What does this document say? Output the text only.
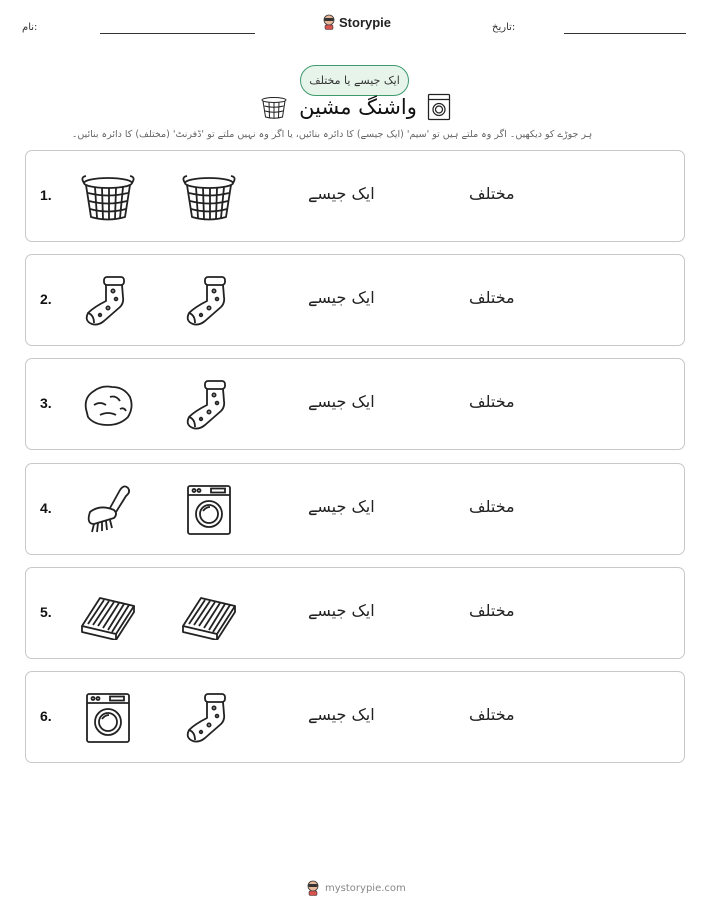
نام:	Storypie	تاریخ:
ایک جیسے یا مختلف
واشنگ مشین
ہر جوڑے کو دیکھیں۔ اگر وہ ملتے ہیں تو 'سیم' (ایک جیسے) کا دائرہ بنائیں، یا اگر وہ نہیں ملتے تو 'ڈفرنٹ' (مختلف) کا دائرہ بنائیں۔
1.	ایک جیسے	مختلف
2.	ایک جیسے	مختلف
3.	ایک جیسے	مختلف
4.	ایک جیسے	مختلف
5.	ایک جیسے	مختلف
6.	ایک جیسے	مختلف
mystorypie.com
